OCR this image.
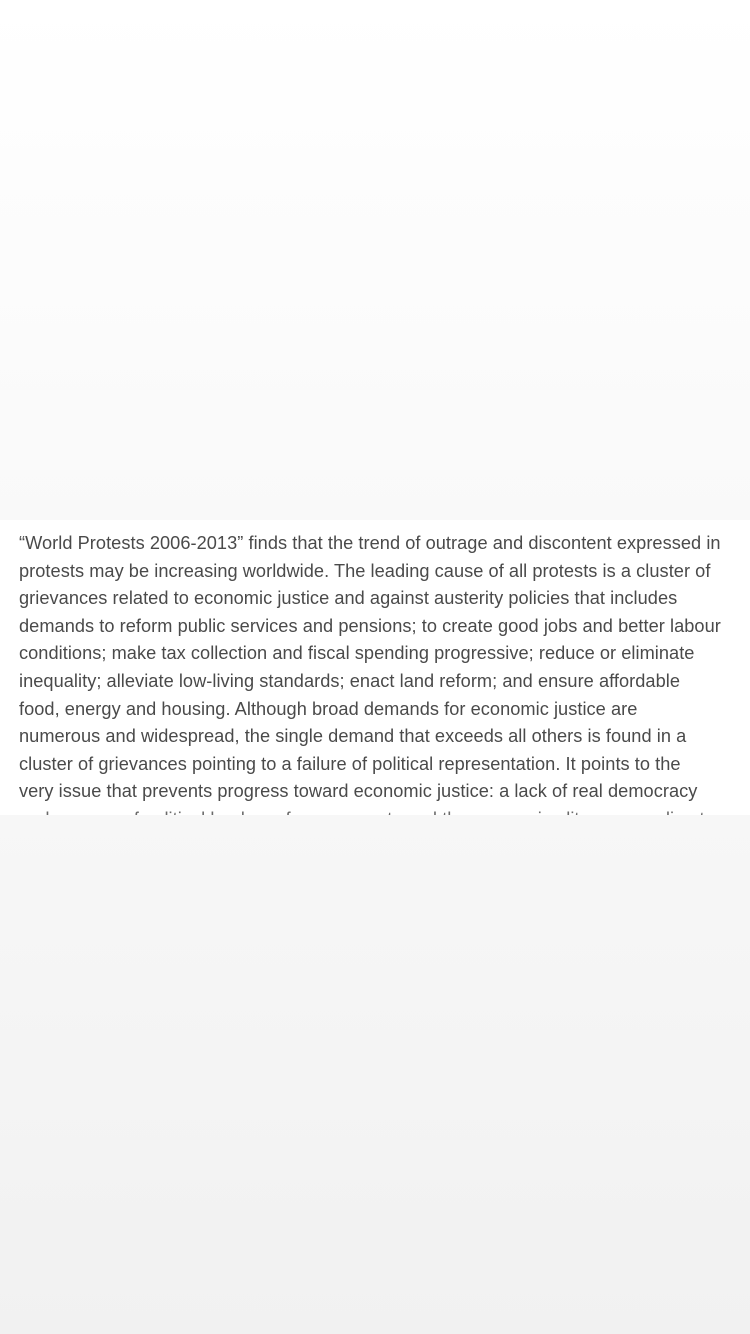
“World Protests 2006-2013” finds that the trend of outrage and discontent expressed in
protests may be increasing worldwide. The leading cause of all protests is a cluster of
grievances related to economic justice and against austerity policies that includes
demands to reform public services and pensions; to create good jobs and better labour
conditions; make tax collection and fiscal spending progressive; reduce or eliminate
inequality; alleviate low-living standards; enact land reform; and ensure affordable
food, energy and housing. Although broad demands for economic justice are
numerous and widespread, the single demand that exceeds all others is found in a
cluster of grievances pointing to a failure of political representation. It points to the
very issue that prevents progress toward economic justice: a lack of real democracy
